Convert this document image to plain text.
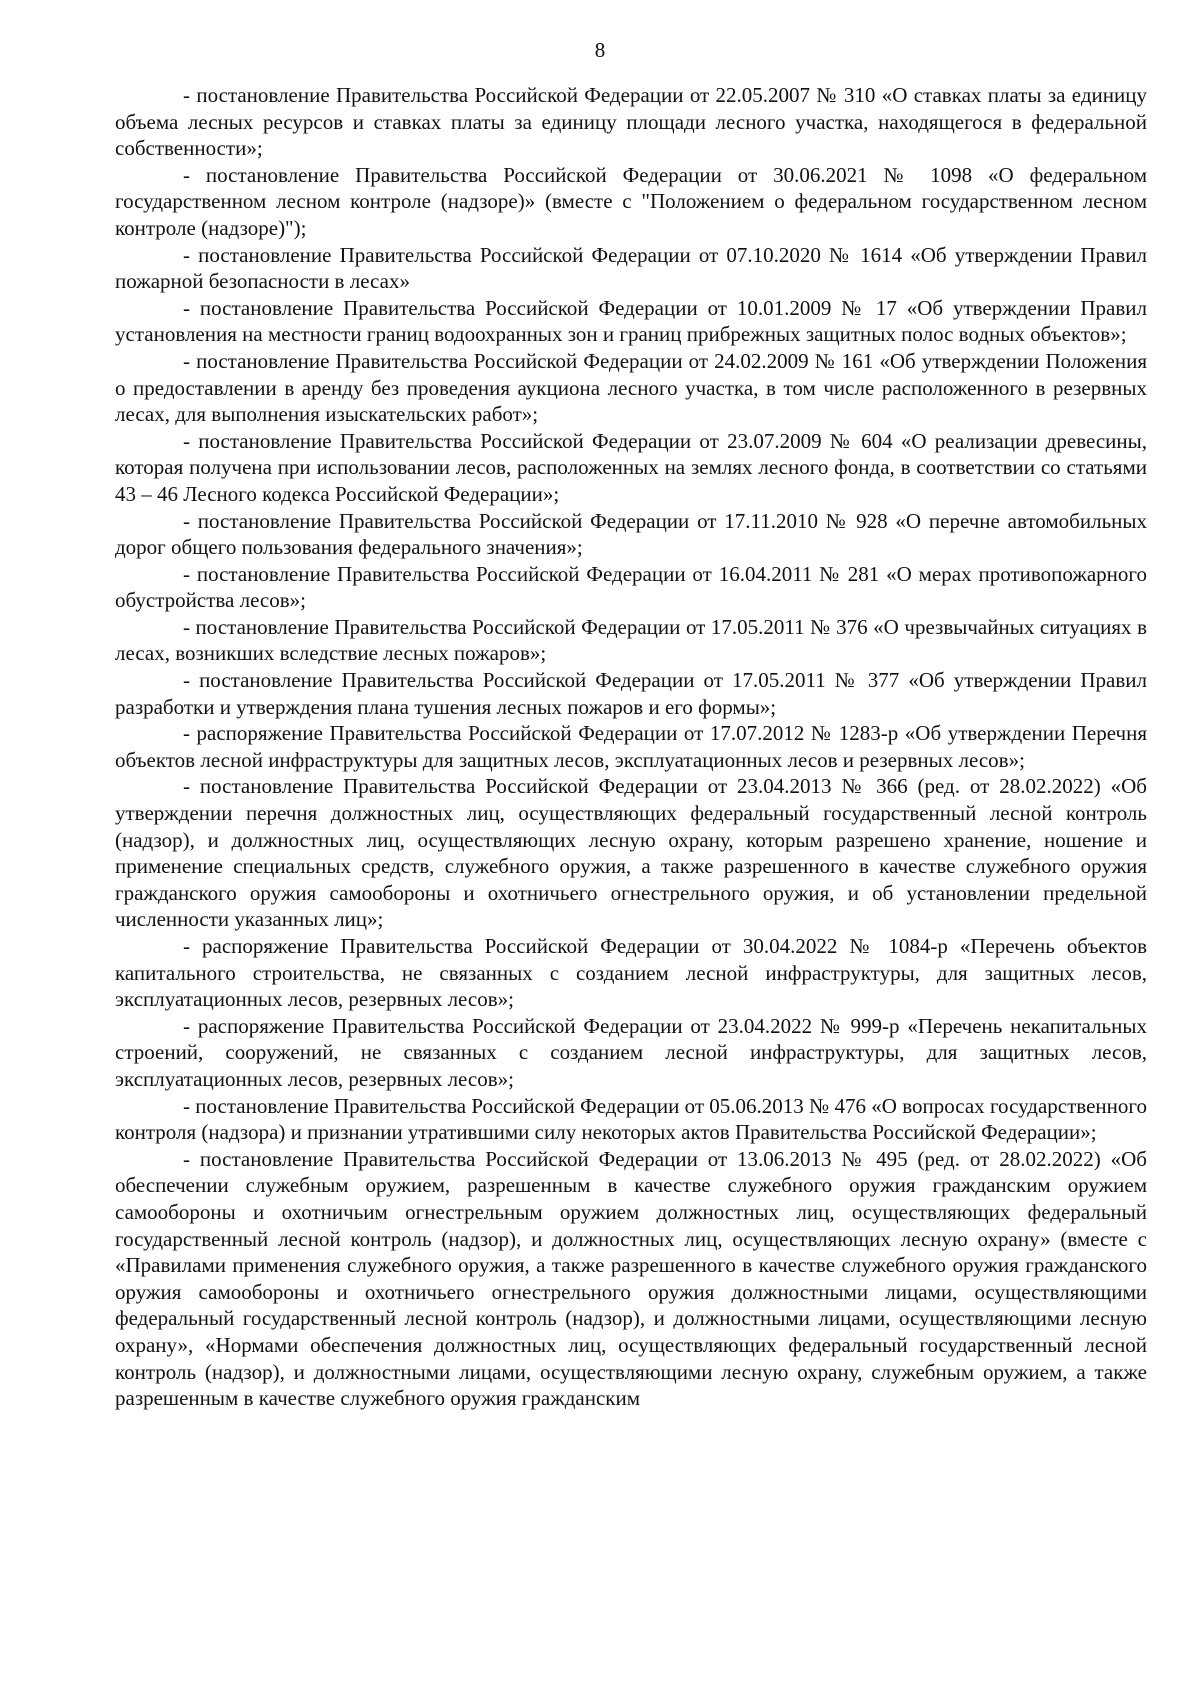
8

- постановление Правительства Российской Федерации от 22.05.2007 № 310 «О ставках платы за единицу объема лесных ресурсов и ставках платы за единицу площади лесного участка, находящегося в федеральной собственности»;

- постановление Правительства Российской Федерации от 30.06.2021 № 1098 «О федеральном государственном лесном контроле (надзоре)» (вместе с "Положением о федеральном государственном лесном контроле (надзоре)");

- постановление Правительства Российской Федерации от 07.10.2020 № 1614 «Об утверждении Правил пожарной безопасности в лесах»

- постановление Правительства Российской Федерации от 10.01.2009 № 17 «Об утверждении Правил установления на местности границ водоохранных зон и границ прибрежных защитных полос водных объектов»;

- постановление Правительства Российской Федерации от 24.02.2009 № 161 «Об утверждении Положения о предоставлении в аренду без проведения аукциона лесного участка, в том числе расположенного в резервных лесах, для выполнения изыскательских работ»;

- постановление Правительства Российской Федерации от 23.07.2009 № 604 «О реализации древесины, которая получена при использовании лесов, расположенных на землях лесного фонда, в соответствии со статьями 43 – 46 Лесного кодекса Российской Федерации»;

- постановление Правительства Российской Федерации от 17.11.2010 № 928 «О перечне автомобильных дорог общего пользования федерального значения»;

- постановление Правительства Российской Федерации от 16.04.2011 № 281 «О мерах противопожарного обустройства лесов»;

- постановление Правительства Российской Федерации от 17.05.2011 № 376 «О чрезвычайных ситуациях в лесах, возникших вследствие лесных пожаров»;

- постановление Правительства Российской Федерации от 17.05.2011 № 377 «Об утверждении Правил разработки и утверждения плана тушения лесных пожаров и его формы»;

- распоряжение Правительства Российской Федерации от 17.07.2012 № 1283-р «Об утверждении Перечня объектов лесной инфраструктуры для защитных лесов, эксплуатационных лесов и резервных лесов»;

- постановление Правительства Российской Федерации от 23.04.2013 № 366 (ред. от 28.02.2022) «Об утверждении перечня должностных лиц, осуществляющих федеральный государственный лесной контроль (надзор), и должностных лиц, осуществляющих лесную охрану, которым разрешено хранение, ношение и применение специальных средств, служебного оружия, а также разрешенного в качестве служебного оружия гражданского оружия самообороны и охотничьего огнестрельного оружия, и об установлении предельной численности указанных лиц»;

- распоряжение Правительства Российской Федерации от 30.04.2022 № 1084-р «Перечень объектов капитального строительства, не связанных с созданием лесной инфраструктуры, для защитных лесов, эксплуатационных лесов, резервных лесов»;

- распоряжение Правительства Российской Федерации от 23.04.2022 № 999-р «Перечень некапитальных строений, сооружений, не связанных с созданием лесной инфраструктуры, для защитных лесов, эксплуатационных лесов, резервных лесов»;

- постановление Правительства Российской Федерации от 05.06.2013 № 476 «О вопросах государственного контроля (надзора) и признании утратившими силу некоторых актов Правительства Российской Федерации»;

- постановление Правительства Российской Федерации от 13.06.2013 № 495 (ред. от 28.02.2022) «Об обеспечении служебным оружием, разрешенным в качестве служебного оружия гражданским оружием самообороны и охотничьим огнестрельным оружием должностных лиц, осуществляющих федеральный государственный лесной контроль (надзор), и должностных лиц, осуществляющих лесную охрану» (вместе с «Правилами применения служебного оружия, а также разрешенного в качестве служебного оружия гражданского оружия самообороны и охотничьего огнестрельного оружия должностными лицами, осуществляющими федеральный государственный лесной контроль (надзор), и должностными лицами, осуществляющими лесную охрану», «Нормами обеспечения должностных лиц, осуществляющих федеральный государственный лесной контроль (надзор), и должностными лицами, осуществляющими лесную охрану, служебным оружием, а также разрешенным в качестве служебного оружия гражданским
